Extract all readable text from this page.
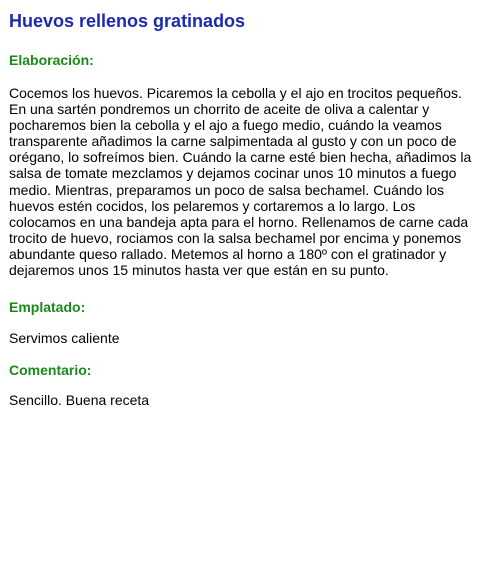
Huevos rellenos gratinados
Elaboración:

Cocemos los huevos. Picaremos la cebolla y el ajo en trocitos pequeños. En una sartén pondremos un chorrito de aceite de oliva a calentar y pocharemos bien la cebolla y el ajo a fuego medio, cuándo la veamos transparente añadimos la carne salpimentada al gusto y con un poco de orégano, lo sofreímos bien. Cuándo la carne esté bien hecha, añadimos la salsa de tomate mezclamos y dejamos cocinar unos 10 minutos a fuego medio. Mientras, preparamos un poco de salsa bechamel. Cuándo los huevos estén cocidos, los pelaremos y cortaremos a lo largo. Los colocamos en una bandeja apta para el horno. Rellenamos de carne cada trocito de huevo, rociamos con la salsa bechamel por encima y ponemos abundante queso rallado. Metemos al horno a 180º con el gratinador y dejaremos unos 15 minutos hasta ver que están en su punto.

Emplatado:

Servimos caliente

Comentario:

Sencillo. Buena receta
